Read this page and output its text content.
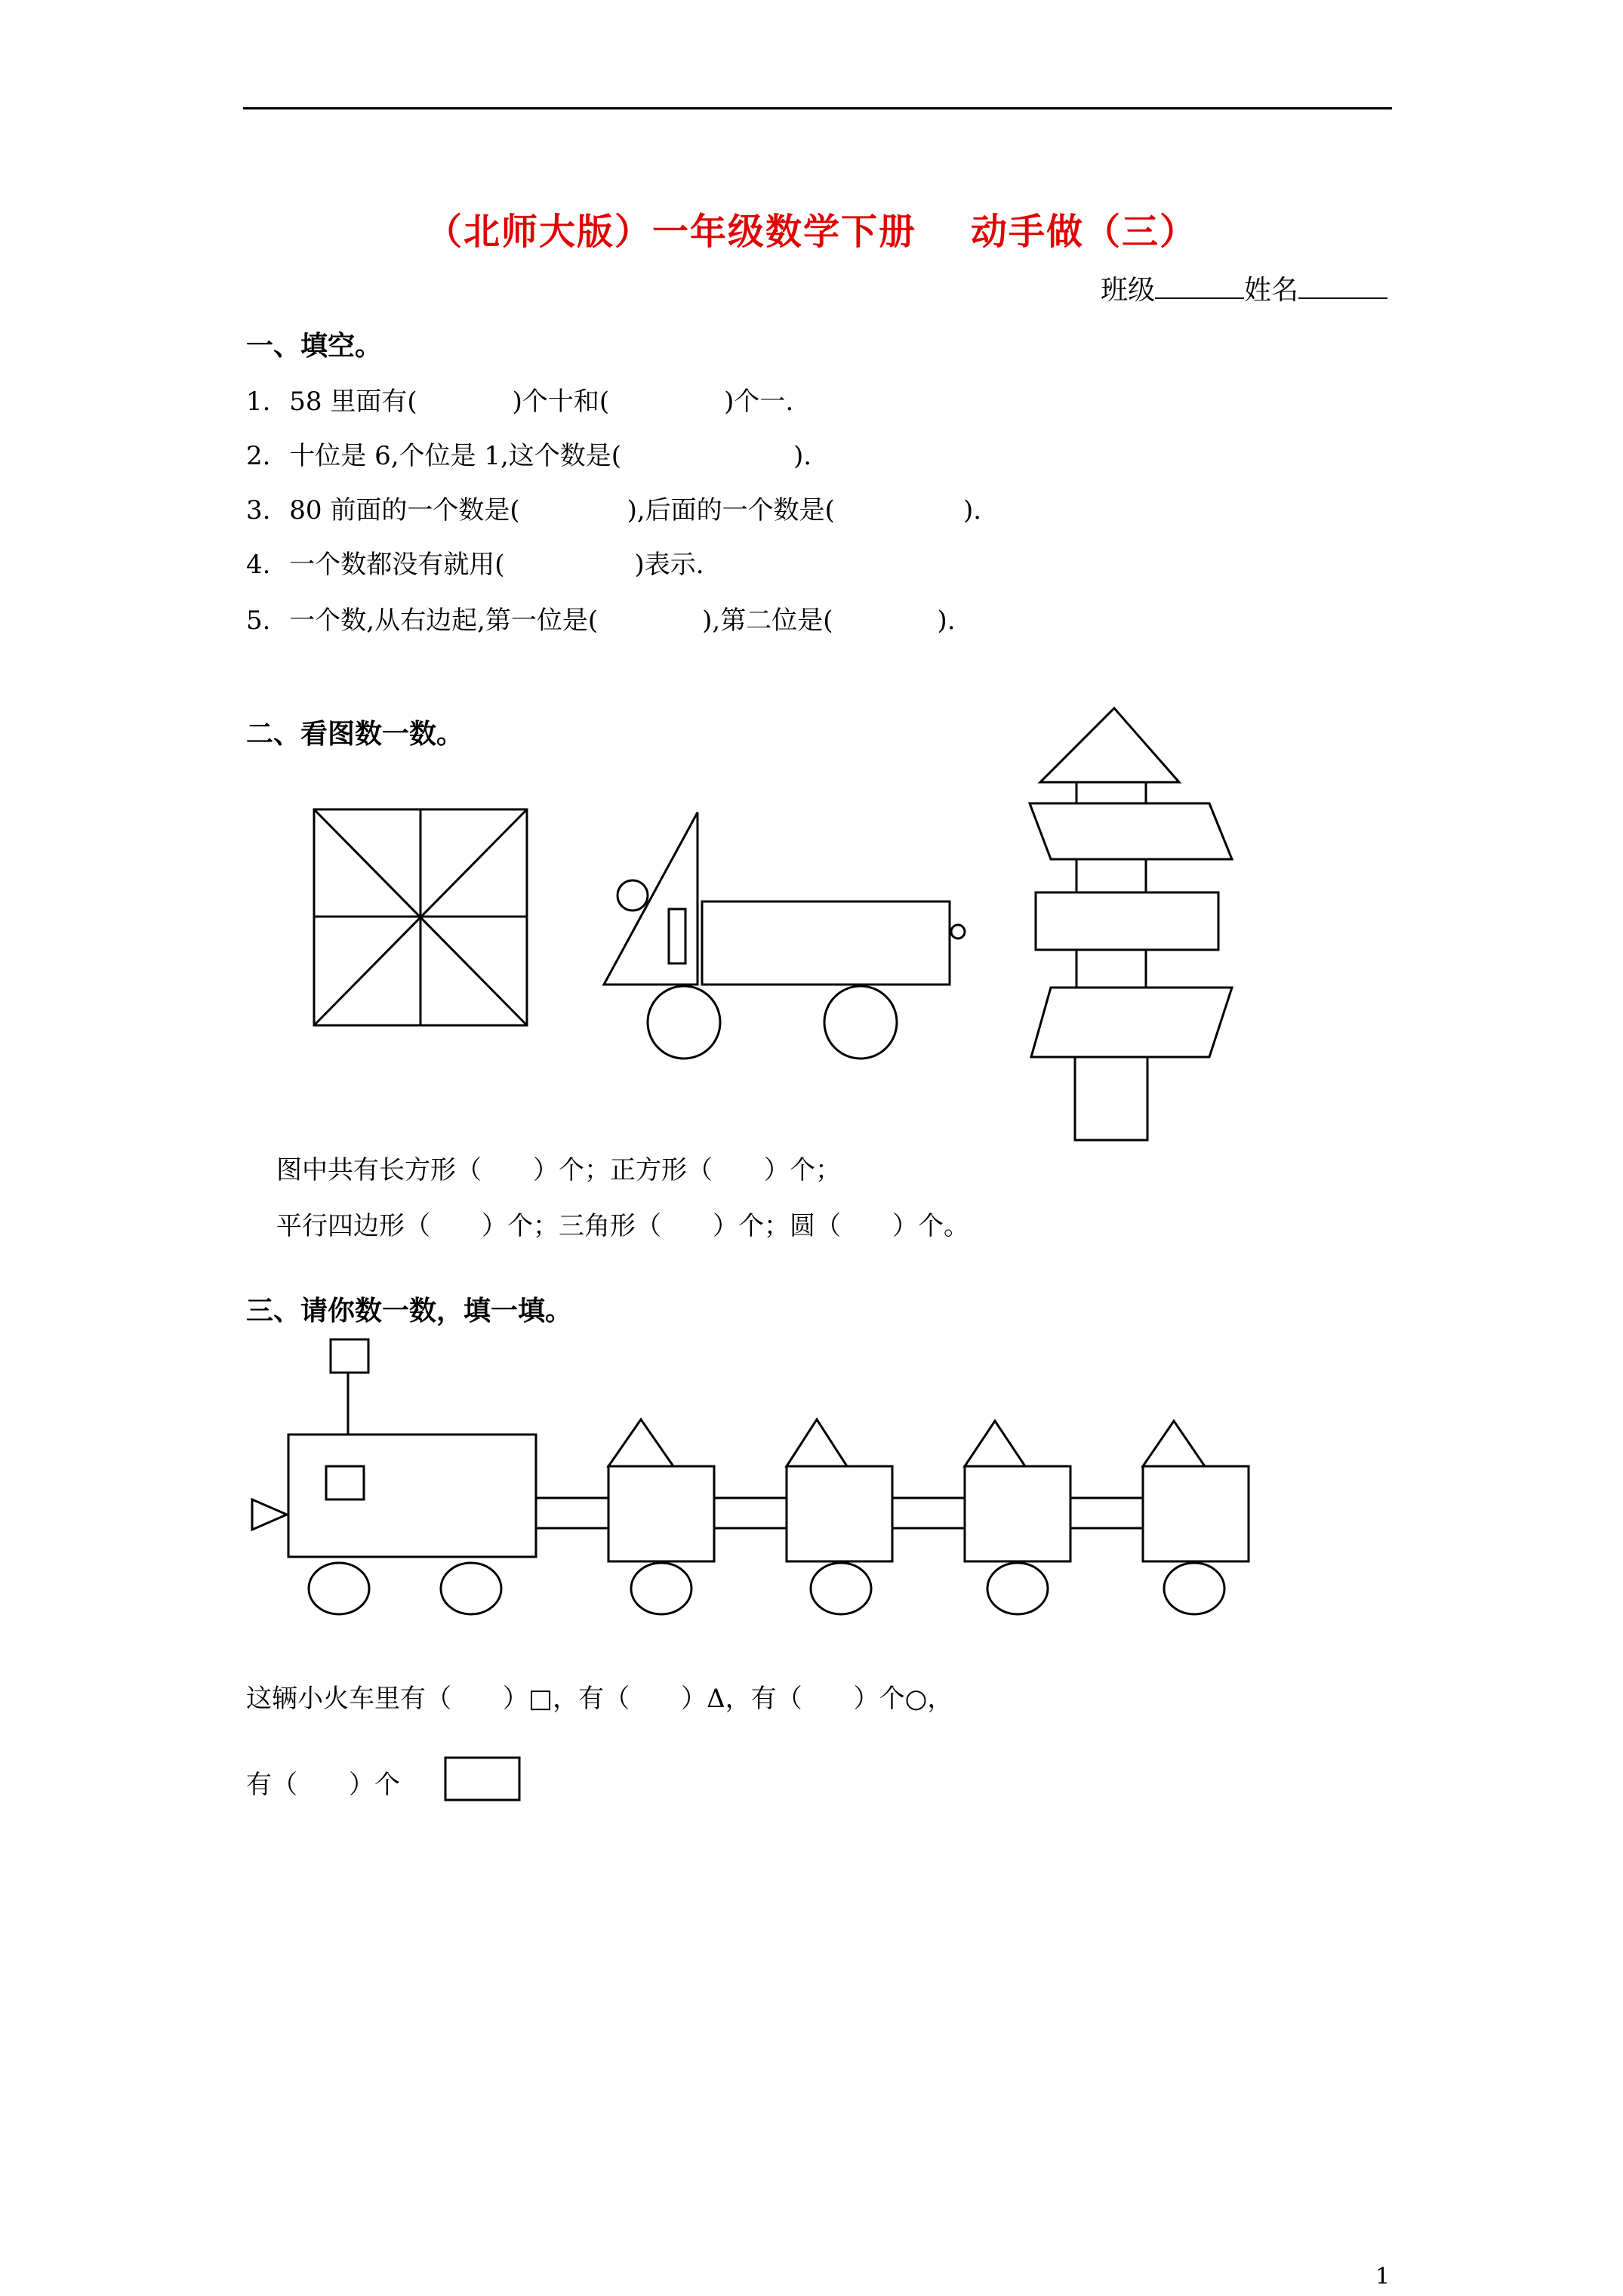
（北师大版）一年级数学下册 动手做（三）
班级	姓名
一、填空。
1. 58 里面有(	)个十和(	)个一.
2. 十位是 6,个位是 1,这个数是(	).
3. 80 前面的一个数是(	),后面的一个数是(	).
4. 一个数都没有就用(	)表示.
5. 一个数,从右边起,第一位是(	),第二位是(	).
二、看图数一数。
图中共有长方形（　　）个；正方形（　　）个；
平行四边形（　　）个；三角形（　　）个；圆（　　）个。
三、请你数一数，填一填。
这辆小火车里有（　　）□，有（　　）Δ，有（　　）个○，
有（　　）个
1
